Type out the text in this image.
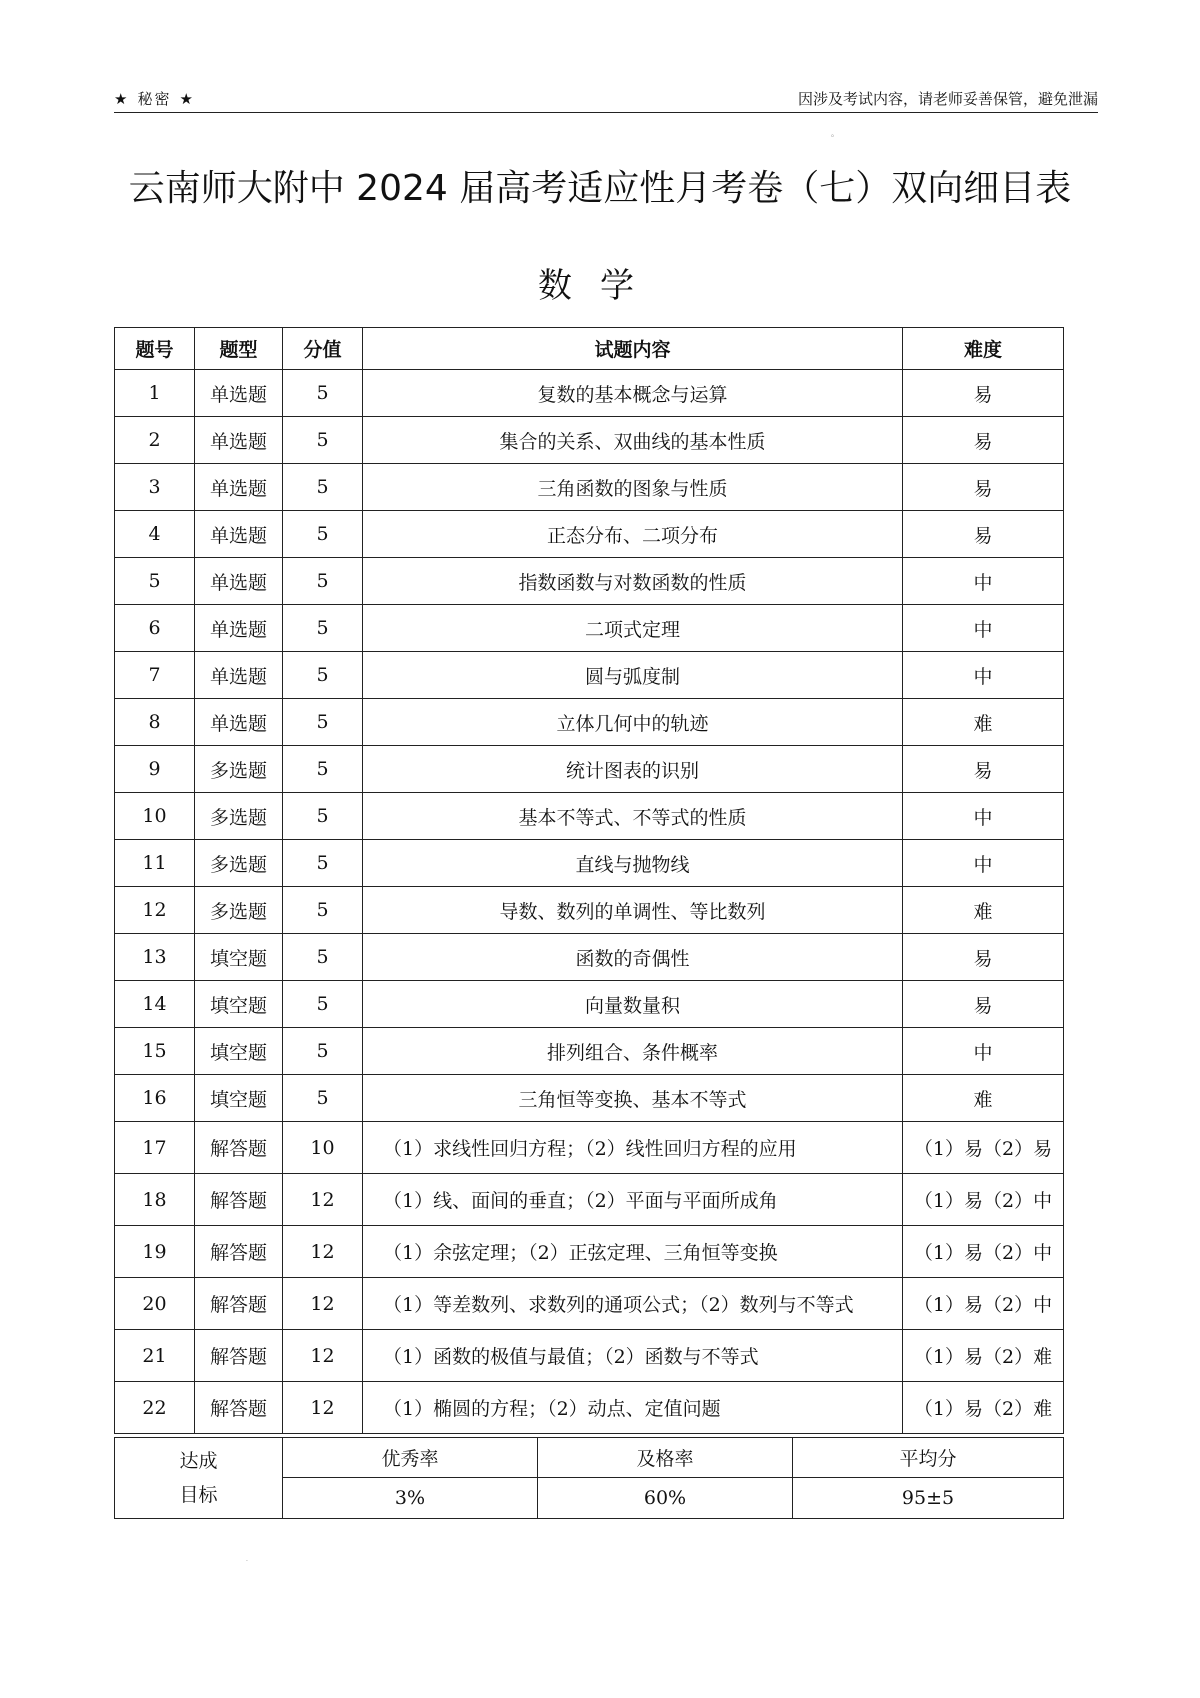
★ 秘密 ★	因涉及考试内容，请老师妥善保管，避免泄漏
。
云南师大附中 2024 届高考适应性月考卷（七）双向细目表
数学
题号	题型	分值	试题内容	难度
1	单选题	5	复数的基本概念与运算	易
2	单选题	5	集合的关系、双曲线的基本性质	易
3	单选题	5	三角函数的图象与性质	易
4	单选题	5	正态分布、二项分布	易
5	单选题	5	指数函数与对数函数的性质	中
6	单选题	5	二项式定理	中
7	单选题	5	圆与弧度制	中
8	单选题	5	立体几何中的轨迹	难
9	多选题	5	统计图表的识别	易
10	多选题	5	基本不等式、不等式的性质	中
11	多选题	5	直线与抛物线	中
12	多选题	5	导数、数列的单调性、等比数列	难
13	填空题	5	函数的奇偶性	易
14	填空题	5	向量数量积	易
15	填空题	5	排列组合、条件概率	中
16	填空题	5	三角恒等变换、基本不等式	难
17	解答题	10	（1）求线性回归方程；（2）线性回归方程的应用	（1）易（2）易
18	解答题	12	（1）线、面间的垂直；（2）平面与平面所成角	（1）易（2）中
19	解答题	12	（1）余弦定理；（2）正弦定理、三角恒等变换	（1）易（2）中
20	解答题	12	（1）等差数列、求数列的通项公式；（2）数列与不等式	（1）易（2）中
21	解答题	12	（1）函数的极值与最值；（2）函数与不等式	（1）易（2）难
22	解答题	12	（1）椭圆的方程；（2）动点、定值问题	（1）易（2）难
达成
目标	优秀率	及格率	平均分
	3%	60%	95±5
.
